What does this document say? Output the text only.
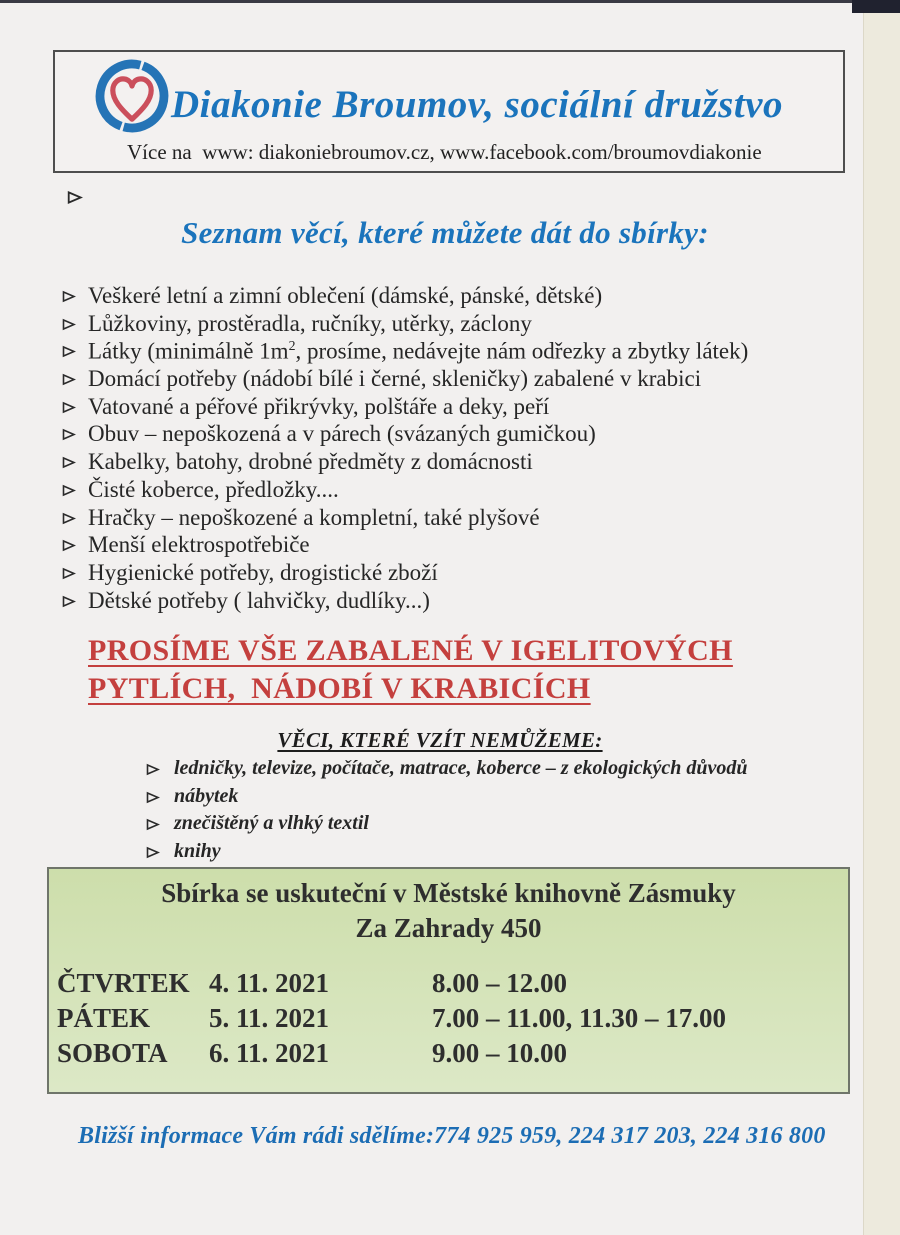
Diakonie Broumov, sociální družstvo

Více na  www: diakoniebroumov.cz, www.facebook.com/broumovdiakonie
Seznam věcí, které můžete dát do sbírky:
Veškeré letní a zimní oblečení (dámské, pánské, dětské)
Lůžkoviny, prostěradla, ručníky, utěrky, záclony
Látky (minimálně $1m^2$, prosíme, nedávejte nám odřezky a zbytky látek)
Domácí potřeby (nádobí bílé i černé, skleničky) zabalené v krabici
Vatované a péřové přikrývky, polštáře a deky, peří
Obuv – nepoškozená a v párech (svázaných gumičkou)
Kabelky, batohy, drobné předměty z domácnosti
Čisté koberce, předložky....
Hračky – nepoškozené a kompletní, také plyšové
Menší elektrospotřebiče
Hygienické potřeby, drogistické zboží
Dětské potřeby ( lahvičky, dudlíky...)
PROSÍME VŠE ZABALENÉ V IGELITOVÝCH
PYTLÍCH,  NÁDOBÍ V KRABICÍCH
VĚCI, KTERÉ VZÍT NEMŮŽEME:
ledničky, televize, počítače, matrace, koberce – z ekologických důvodů
nábytek
znečištěný a vlhký textil
knihy

Sbírka se uskuteční v Městské knihovně Zásmuky

Za Zahrady 450

ČTVRTEK 4. 11. 2021	8.00 – 12.00
PÁTEK	5. 11. 2021	7.00 – 11.00, 11.30 – 17.00
SOBOTA	6. 11. 2021	9.00 – 10.00
Bližší informace Vám rádi sdělíme:774 925 959, 224 317 203, 224 316 800
